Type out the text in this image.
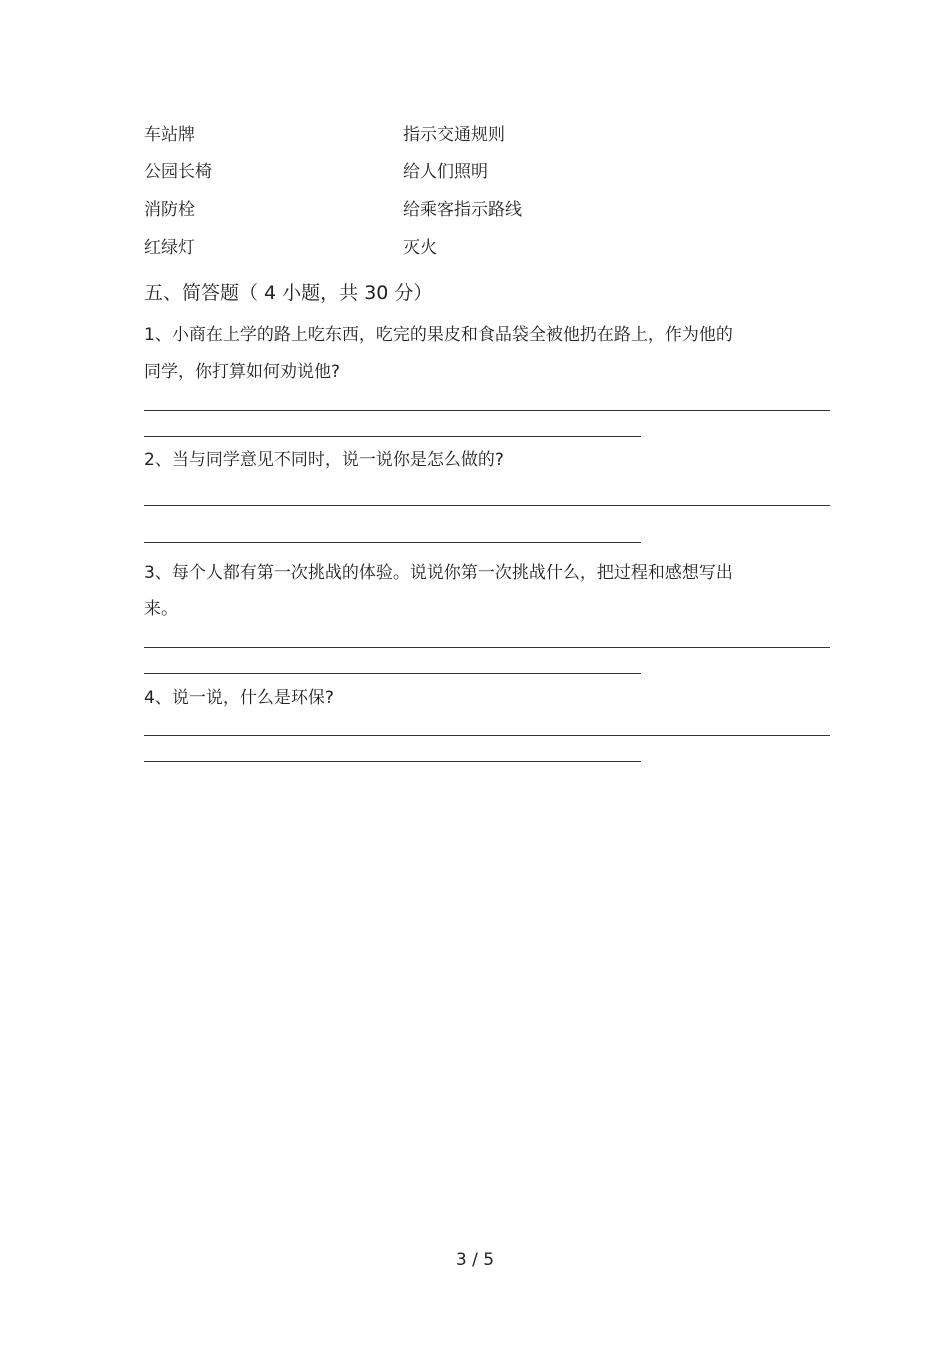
车站牌	指示交通规则
公园长椅	给人们照明
消防栓	给乘客指示路线
红绿灯	灭火
五、简答题（ 4 小题，共 30 分）
1、小商在上学的路上吃东西，吃完的果皮和食品袋全被他扔在路上，作为他的
同学，你打算如何劝说他?
2、当与同学意见不同时，说一说你是怎么做的?
3、每个人都有第一次挑战的体验。说说你第一次挑战什么，把过程和感想写出
来。
4、说一说，什么是环保?
3 / 5
